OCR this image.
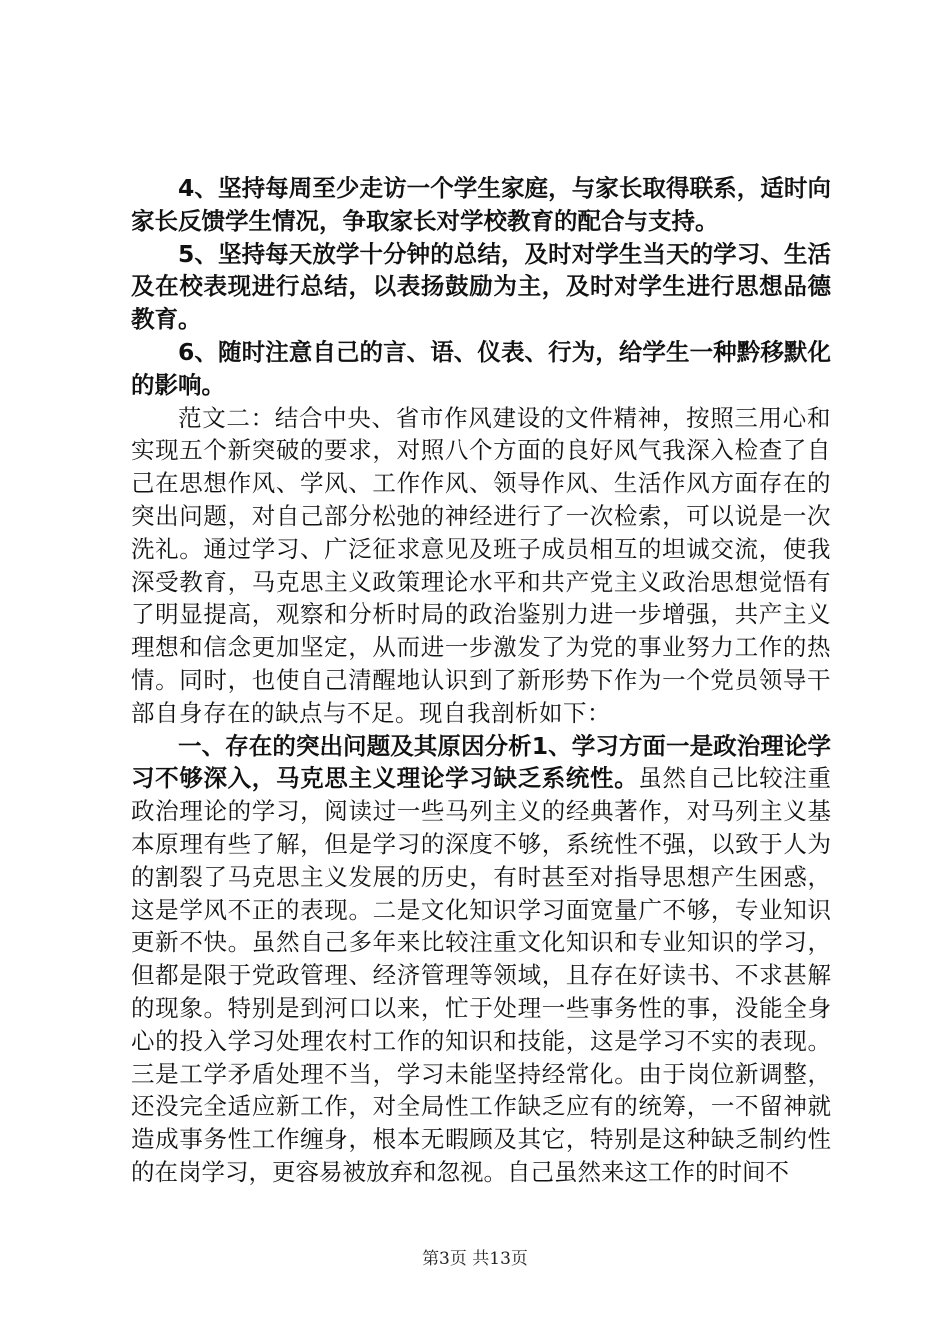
4、坚持每周至少走访一个学生家庭，与家长取得联系，适时向家长反馈学生情况，争取家长对学校教育的配合与支持。

5、坚持每天放学十分钟的总结，及时对学生当天的学习、生活及在校表现进行总结，以表扬鼓励为主，及时对学生进行思想品德教育。

6、随时注意自己的言、语、仪表、行为，给学生一种黔移默化的影响。

范文二：结合中央、省市作风建设的文件精神，按照三用心和实现五个新突破的要求，对照八个方面的良好风气我深入检查了自己在思想作风、学风、工作作风、领导作风、生活作风方面存在的突出问题，对自己部分松弛的神经进行了一次检索，可以说是一次洗礼。通过学习、广泛征求意见及班子成员相互的坦诚交流，使我深受教育，马克思主义政策理论水平和共产党主义政治思想觉悟有了明显提高，观察和分析时局的政治鉴别力进一步增强，共产主义理想和信念更加坚定，从而进一步激发了为党的事业努力工作的热情。同时，也使自己清醒地认识到了新形势下作为一个党员领导干部自身存在的缺点与不足。现自我剖析如下：

一、存在的突出问题及其原因分析1、学习方面一是政治理论学习不够深入，马克思主义理论学习缺乏系统性。虽然自己比较注重政治理论的学习，阅读过一些马列主义的经典著作，对马列主义基本原理有些了解，但是学习的深度不够，系统性不强，以致于人为的割裂了马克思主义发展的历史，有时甚至对指导思想产生困惑，这是学风不正的表现。二是文化知识学习面宽量广不够，专业知识更新不快。虽然自己多年来比较注重文化知识和专业知识的学习，但都是限于党政管理、经济管理等领域，且存在好读书、不求甚解的现象。特别是到河口以来，忙于处理一些事务性的事，没能全身心的投入学习处理农村工作的知识和技能，这是学习不实的表现。三是工学矛盾处理不当，学习未能坚持经常化。由于岗位新调整，还没完全适应新工作，对全局性工作缺乏应有的统筹，一不留神就造成事务性工作缠身，根本无暇顾及其它，特别是这种缺乏制约性的在岗学习，更容易被放弃和忽视。自己虽然来这工作的时间不

第3页 共13页
